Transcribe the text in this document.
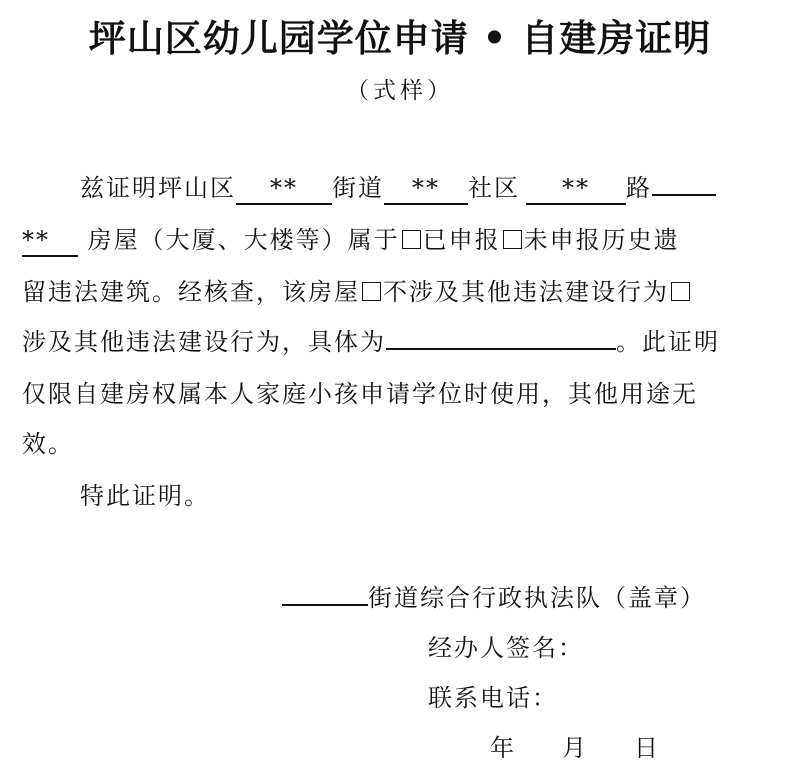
坪山区幼儿园学位申请 • 自建房证明
（式样）
兹证明坪山区 ** 街道 ** 社区 ** 路
** 房屋（大厦、大楼等）属于 已申报 未申报历史遗
留违法建筑。经核查，该房屋 不涉及其他违法建设行为
涉及其他违法建设行为，具体为	。此证明
仅限自建房权属本人家庭小孩申请学位时使用，其他用途无
效。
特此证明。
街道综合行政执法队（盖章）
经办人签名：
联系电话：
年 月 日
